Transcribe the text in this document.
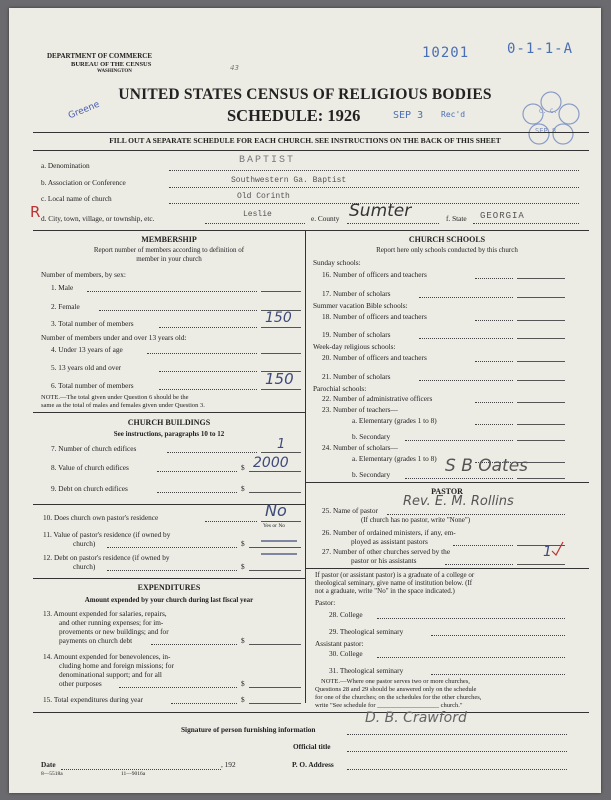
DEPARTMENT OF COMMERCE
BUREAU OF THE CENSUS
WASHINGTON
10201	0-1-1-A
43
UNITED STATES CENSUS OF RELIGIOUS BODIES
SCHEDULE: 1926	SEP 3 Rec'd	C. C.
SEP 8
Greene
FILL OUT A SEPARATE SCHEDULE FOR EACH CHURCH. SEE INSTRUCTIONS ON THE BACK OF THIS SHEET
a. Denomination	BAPTIST
b. Association or Conference	Southwestern Ga. Baptist
c. Local name of church	Old Corinth
R d. City, town, village, or township, etc.	Leslie	e. County Sumter	f. State GEORGIA
MEMBERSHIP
Report number of members according to definition of
member in your church
Number of members, by sex:
1. Male
2. Female
3. Total number of members	150
Number of members under and over 13 years old:
4. Under 13 years of age
5. 13 years old and over
6. Total number of members	150
NOTE.—The total given under Question 6 should be the
same as the total of males and females given under Question 3.
CHURCH BUILDINGS
See instructions, paragraphs 10 to 12
7. Number of church edifices	1
8. Value of church edifices	$ 2000
9. Debt on church edifices	$
10. Does church own pastor's residence	No
Yes or No
11. Value of pastor's residence (if owned by
church)	$
12. Debt on pastor's residence (if owned by
church)	$
EXPENDITURES
Amount expended by your church during last fiscal year
13. Amount expended for salaries, repairs,
and other running expenses; for im-
provements or new buildings; and for
payments on church debt	$
14. Amount expended for benevolences, in-
cluding home and foreign missions; for
denominational support; and for all
other purposes	$
15. Total expenditures during year	$
CHURCH SCHOOLS
Report here only schools conducted by this church
Sunday schools:
16. Number of officers and teachers
17. Number of scholars
Summer vacation Bible schools:
18. Number of officers and teachers
19. Number of scholars
Week-day religious schools:
20. Number of officers and teachers
21. Number of scholars
Parochial schools:
22. Number of administrative officers
23. Number of teachers—
a. Elementary (grades 1 to 8)
b. Secondary
24. Number of scholars—
a. Elementary (grades 1 to 8)
b. Secondary	S B Oates
PASTOR
25. Name of pastor
Rev. E. M. Rollins
(If church has no pastor, write "None")
26. Number of ordained ministers, if any, em-
ployed as assistant pastors
27. Number of other churches served by the
pastor or his assistants
1
If pastor (or assistant pastor) is a graduate of a college or
theological seminary, give name of institution below. (If
not a graduate, write "No" in the space indicated.)
Pastor:
28. College
29. Theological seminary
Assistant pastor:
30. College
31. Theological seminary
NOTE.—Where one pastor serves two or more churches,
Questions 28 and 29 should be answered only on the schedule
for one of the churches; on the schedules for the other churches,
write "See schedule for ___________________ church."
Signature of person furnishing information
D. B. Crawford
Official title
Date	, 192	P. O. Address
8—5518a	11—9016a
